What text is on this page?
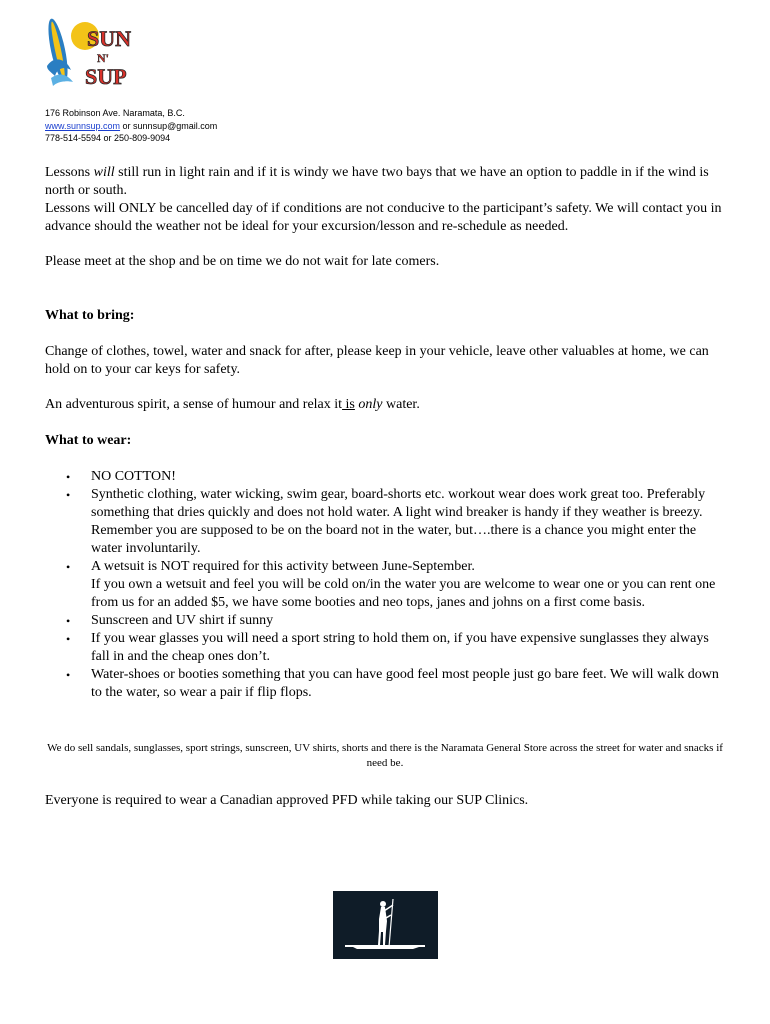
SUN
N'
SUP
176 Robinson Ave. Naramata, B.C.
www.sunnsup.com or sunnsup@gmail.com
778-514-5594 or 250-809-9094

Lessons will still run in light rain and if it is windy we have two bays that we have an option to paddle in if the wind is north or south.

Lessons will ONLY be cancelled day of if conditions are not conducive to the participant’s safety. We will contact you in advance should the weather not be ideal for your excursion/lesson and re-schedule as needed.

Please meet at the shop and be on time we do not wait for late comers.

What to bring:

Change of clothes, towel, water and snack for after, please keep in your vehicle, leave other valuables at home, we can hold on to your car keys for safety.

An adventurous spirit, a sense of humour and relax it is only water.

What to wear:

• NO COTTON!
• Synthetic clothing, water wicking, swim gear, board-shorts etc. workout wear does work great too. Preferably something that dries quickly and does not hold water. A light wind breaker is handy if they weather is breezy. Remember you are supposed to be on the board not in the water, but….there is a chance you might enter the water involuntarily.
• A wetsuit is NOT required for this activity between June-September.
If you own a wetsuit and feel you will be cold on/in the water you are welcome to wear one or you can rent one from us for an added $5, we have some booties and neo tops, janes and johns on a first come basis.
• Sunscreen and UV shirt if sunny
• If you wear glasses you will need a sport string to hold them on, if you have expensive sunglasses they always fall in and the cheap ones don’t.
• Water-shoes or booties something that you can have good feel most people just go bare feet. We will walk down to the water, so wear a pair if flip flops.

Everyone is required to wear a Canadian approved PFD while taking our SUP Clinics.

We do sell sandals, sunglasses, sport strings, sunscreen, UV shirts, shorts and there is the Naramata General Store across the street for water and snacks if need be.
